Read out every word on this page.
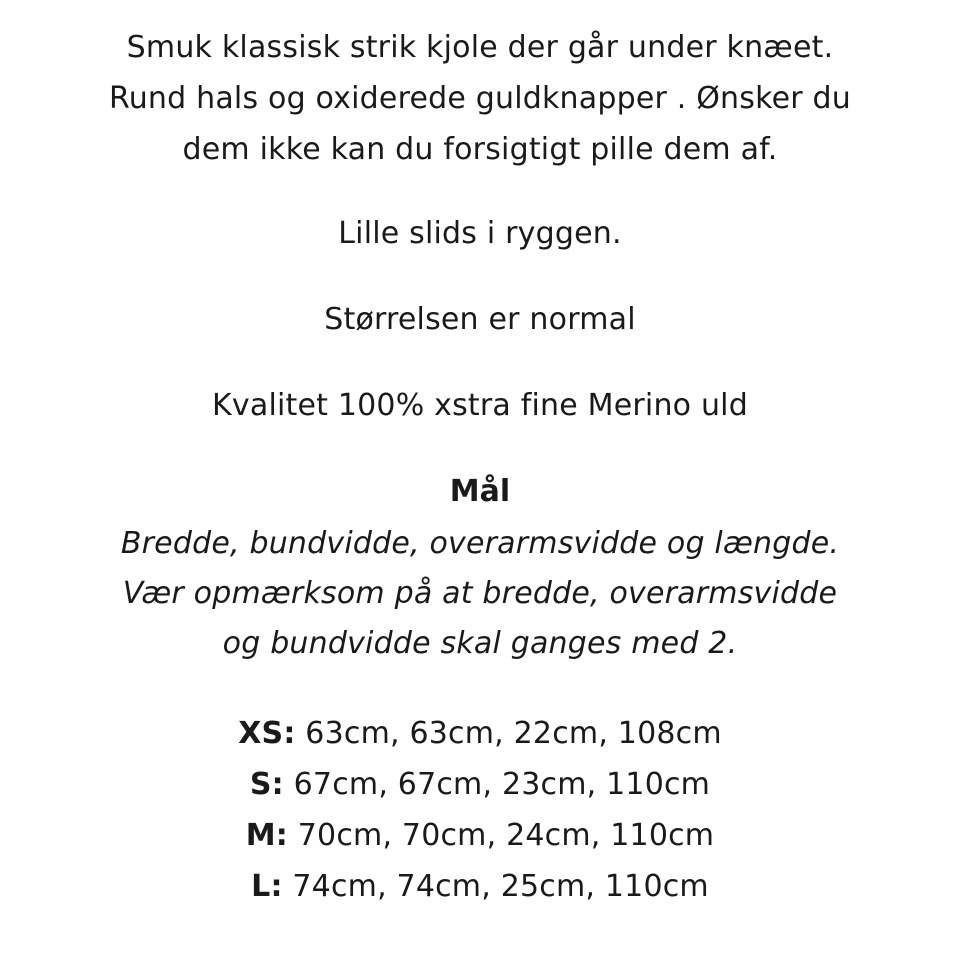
Smuk klassisk strik kjole der går under knæet.
Rund hals og oxiderede guldknapper . Ønsker du
dem ikke kan du forsigtigt pille dem af.
Lille slids i ryggen.
Størrelsen er normal
Kvalitet 100% xstra fine Merino uld
Mål
Bredde, bundvidde, overarmsvidde og længde.
Vær opmærksom på at bredde, overarmsvidde
og bundvidde skal ganges med 2.
XS: 63cm, 63cm, 22cm, 108cm
S: 67cm, 67cm, 23cm, 110cm
M: 70cm, 70cm, 24cm, 110cm
L: 74cm, 74cm, 25cm, 110cm
